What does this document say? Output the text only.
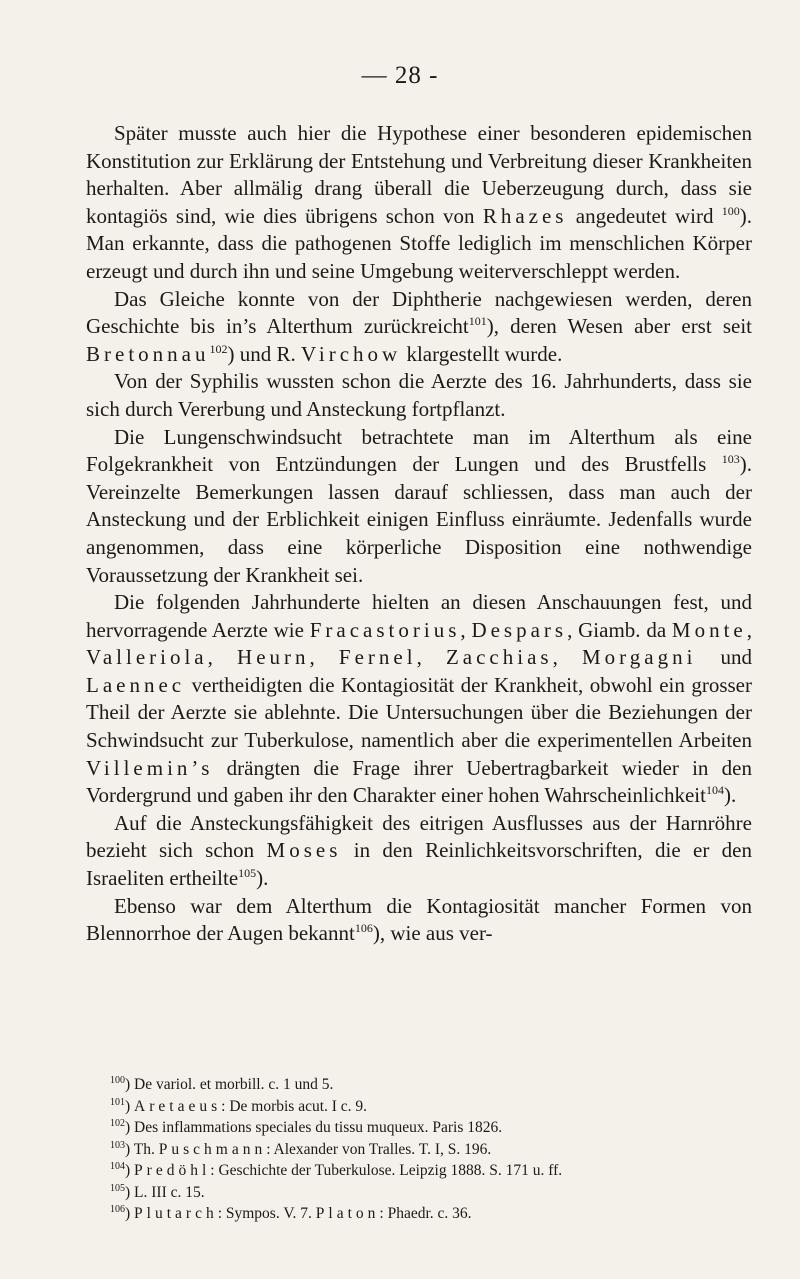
— 28 -

Später musste auch hier die Hypothese einer besonderen epidemischen Konstitution zur Erklärung der Entstehung und Verbreitung dieser Krankheiten herhalten. Aber allmälig drang überall die Ueberzeugung durch, dass sie kontagiös sind, wie dies übrigens schon von Rhazes angedeutet wird $^{100}$). Man erkannte, dass die pathogenen Stoffe lediglich im menschlichen Körper erzeugt und durch ihn und seine Umgebung weiterverschleppt werden.

Das Gleiche konnte von der Diphtherie nachgewiesen werden, deren Geschichte bis in’s Alterthum zurückreicht$^{101}$), deren Wesen aber erst seit Bretonnau$^{102}$) und R. Virchow klargestellt wurde.

Von der Syphilis wussten schon die Aerzte des 16. Jahrhunderts, dass sie sich durch Vererbung und Ansteckung fortpflanzt.

Die Lungenschwindsucht betrachtete man im Alterthum als eine Folgekrankheit von Entzündungen der Lungen und des Brustfells $^{103}$). Vereinzelte Bemerkungen lassen darauf schliessen, dass man auch der Ansteckung und der Erblichkeit einigen Einfluss einräumte. Jedenfalls wurde angenommen, dass eine körperliche Disposition eine nothwendige Voraussetzung der Krankheit sei.

Die folgenden Jahrhunderte hielten an diesen Anschauungen fest, und hervorragende Aerzte wie Fracastorius, Despars, Giamb. da Monte, Valleriola, Heurn, Fernel, Zacchias, Morgagni und Laennec vertheidigten die Kontagiosität der Krankheit, obwohl ein grosser Theil der Aerzte sie ablehnte. Die Untersuchungen über die Beziehungen der Schwindsucht zur Tuberkulose, namentlich aber die experimentellen Arbeiten Villemin’s drängten die Frage ihrer Uebertragbarkeit wieder in den Vordergrund und gaben ihr den Charakter einer hohen Wahrscheinlichkeit$^{104}$).

Auf die Ansteckungsfähigkeit des eitrigen Ausflusses aus der Harnröhre bezieht sich schon Moses in den Reinlichkeitsvorschriften, die er den Israeliten ertheilte$^{105}$).

Ebenso war dem Alterthum die Kontagiosität mancher Formen von Blennorrhoe der Augen bekannt$^{106}$), wie aus ver-

$^{100}$) De variol. et morbill. c. 1 und 5.

$^{101}$) Aretaeus: De morbis acut. I c. 9.

$^{102}$) Des inflammations speciales du tissu muqueux. Paris 1826.

$^{103}$) Th. Puschmann: Alexander von Tralles. T. I, S. 196.

$^{104}$) Predöhl: Geschichte der Tuberkulose. Leipzig 1888. S. 171 u. ff.

$^{105}$) L. III c. 15.

$^{106}$) Plutarch: Sympos. V. 7. Platon: Phaedr. c. 36.
